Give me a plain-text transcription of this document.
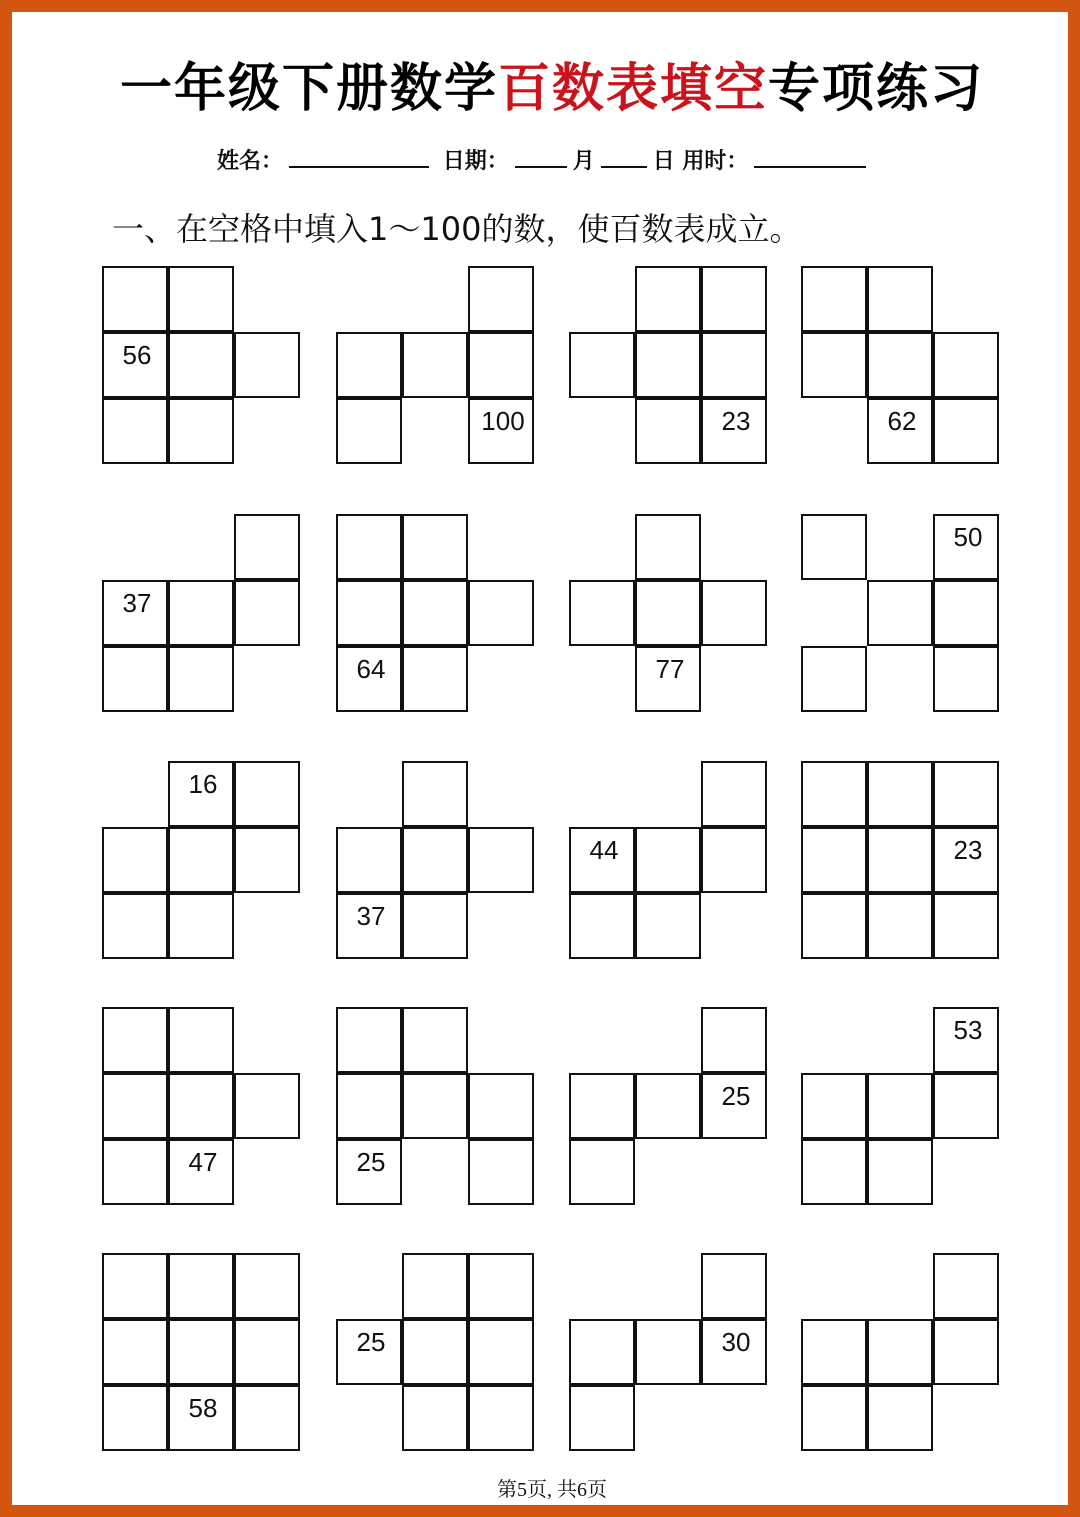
一年级下册数学百数表填空专项练习
姓名：	日期：	月	日 用时：
一、在空格中填入1～100的数，使百数表成立。
56
100	23	62
37
64	77
50
16
37
44	23
47	25
25
53
58
25	30
第5页, 共6页
